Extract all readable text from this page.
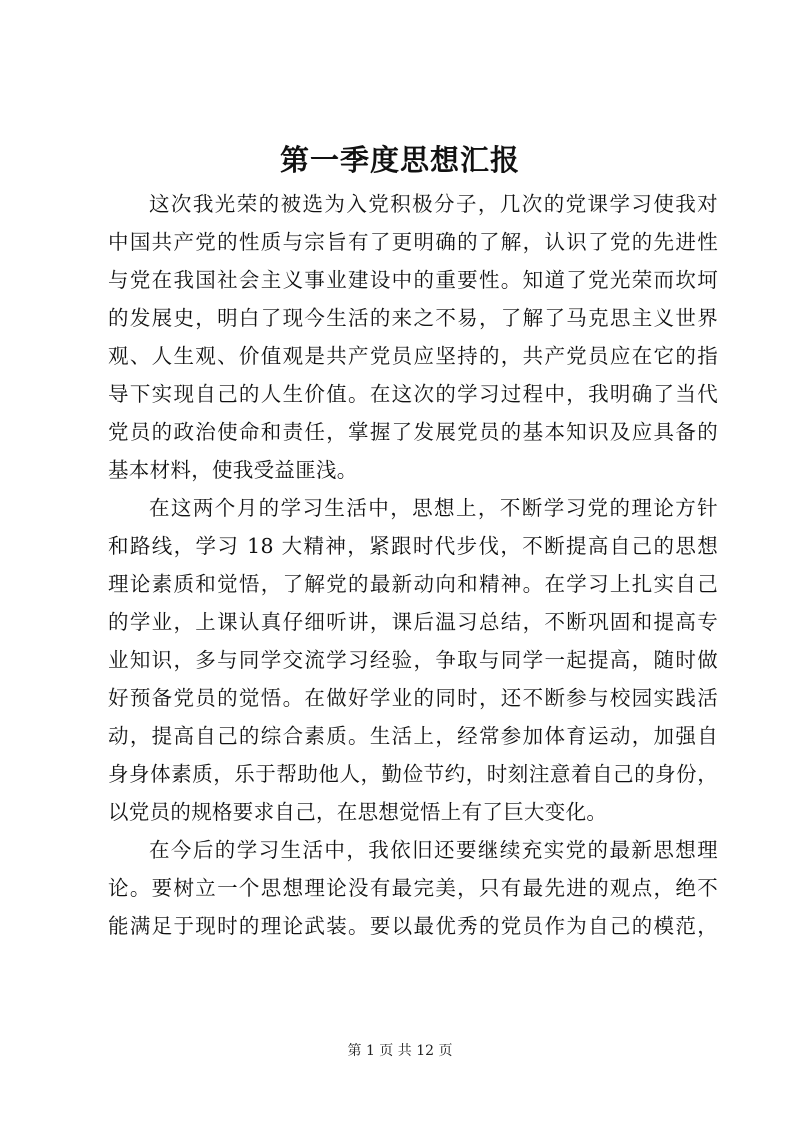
第一季度思想汇报
这次我光荣的被选为入党积极分子，几次的党课学习使我对
中国共产党的性质与宗旨有了更明确的了解，认识了党的先进性
与党在我国社会主义事业建设中的重要性。知道了党光荣而坎坷
的发展史，明白了现今生活的来之不易，了解了马克思主义世界
观、人生观、价值观是共产党员应坚持的，共产党员应在它的指
导下实现自己的人生价值。在这次的学习过程中，我明确了当代
党员的政治使命和责任，掌握了发展党员的基本知识及应具备的
基本材料，使我受益匪浅。
在这两个月的学习生活中，思想上，不断学习党的理论方针
和路线，学习 18 大精神，紧跟时代步伐，不断提高自己的思想
理论素质和觉悟，了解党的最新动向和精神。在学习上扎实自己
的学业，上课认真仔细听讲，课后温习总结，不断巩固和提高专
业知识，多与同学交流学习经验，争取与同学一起提高，随时做
好预备党员的觉悟。在做好学业的同时，还不断参与校园实践活
动，提高自己的综合素质。生活上，经常参加体育运动，加强自
身身体素质，乐于帮助他人，勤俭节约，时刻注意着自己的身份，
以党员的规格要求自己，在思想觉悟上有了巨大变化。
在今后的学习生活中，我依旧还要继续充实党的最新思想理
论。要树立一个思想理论没有最完美，只有最先进的观点，绝不
能满足于现时的理论武装。要以最优秀的党员作为自己的模范，
第 1 页 共 12 页
